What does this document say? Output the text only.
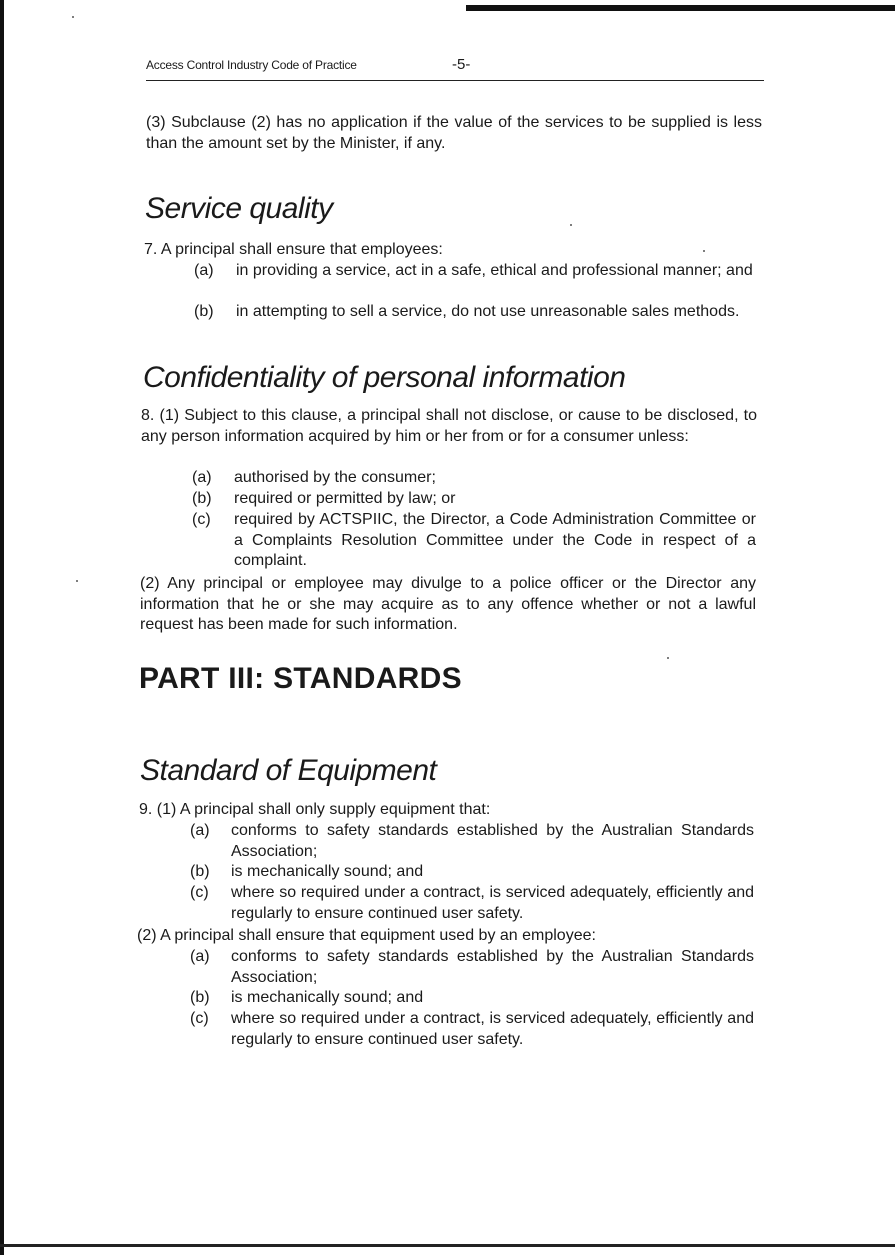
Access Control Industry Code of Practice	-5-
(3) Subclause (2) has no application if the value of the services to be supplied is less than the amount set by the Minister, if any.
Service quality
7. A principal shall ensure that employees:
(a) in providing a service, act in a safe, ethical and professional manner; and
(b) in attempting to sell a service, do not use unreasonable sales methods.
Confidentiality of personal information
8. (1) Subject to this clause, a principal shall not disclose, or cause to be disclosed, to any person information acquired by him or her from or for a consumer unless:
(a) authorised by the consumer;
(b) required or permitted by law; or
(c) required by ACTSPIIC, the Director, a Code Administration Committee or a Complaints Resolution Committee under the Code in respect of a complaint.
(2) Any principal or employee may divulge to a police officer or the Director any information that he or she may acquire as to any offence whether or not a lawful request has been made for such information.
PART III: STANDARDS
Standard of Equipment
9. (1) A principal shall only supply equipment that:
(a) conforms to safety standards established by the Australian Standards Association;
(b) is mechanically sound; and
(c) where so required under a contract, is serviced adequately, efficiently and regularly to ensure continued user safety.
(2) A principal shall ensure that equipment used by an employee:
(a) conforms to safety standards established by the Australian Standards Association;
(b) is mechanically sound; and
(c) where so required under a contract, is serviced adequately, efficiently and regularly to ensure continued user safety.
